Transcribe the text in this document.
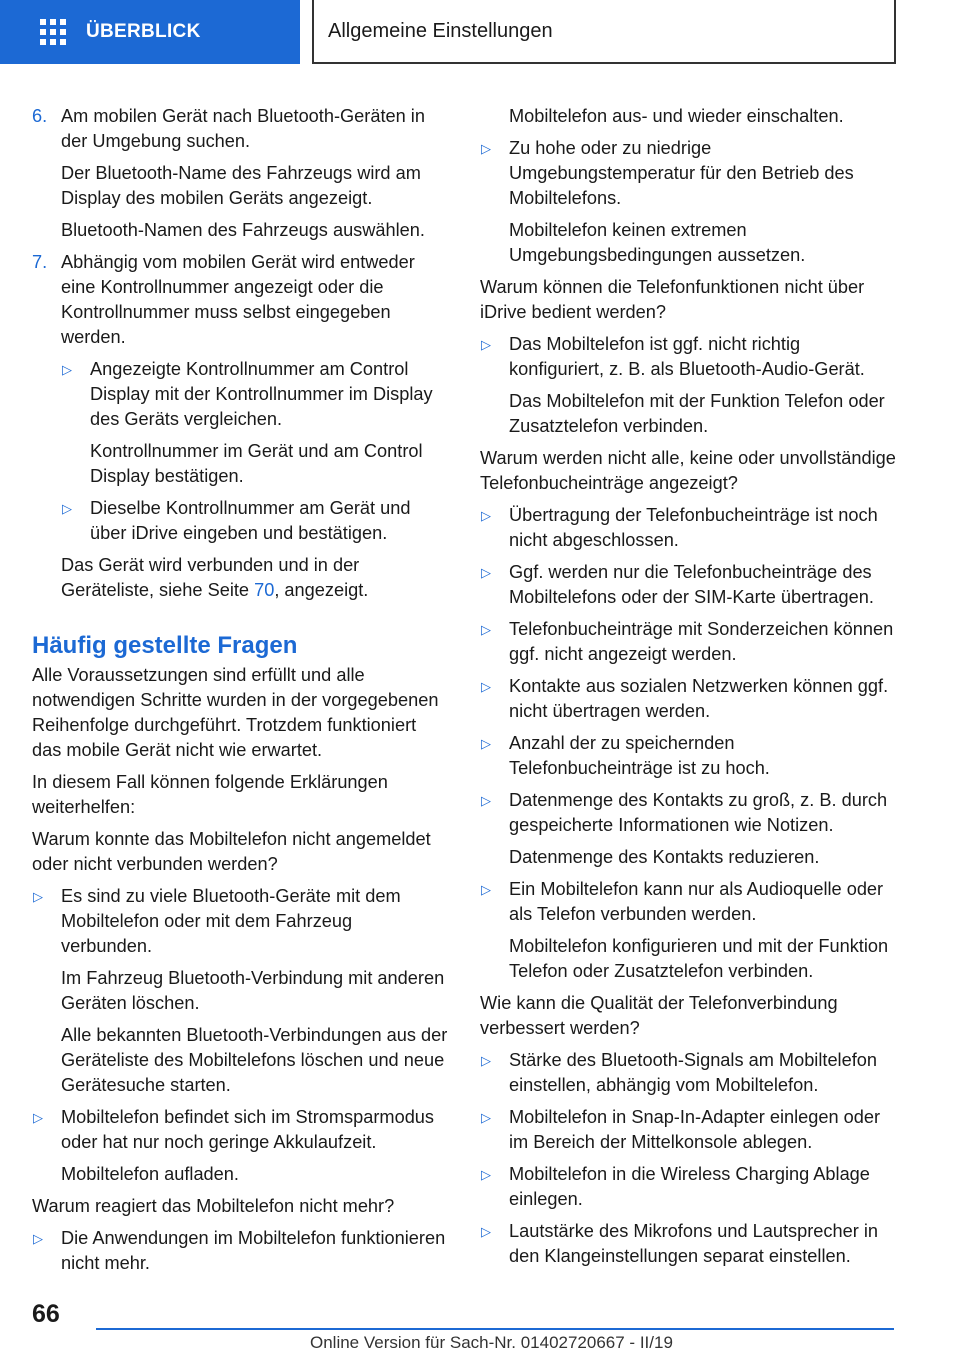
ÜBERBLICK	Allgemeine Einstellungen
6. Am mobilen Gerät nach Bluetooth-Geräten in der Umgebung suchen.
Der Bluetooth-Name des Fahrzeugs wird am Display des mobilen Geräts angezeigt.
Bluetooth-Namen des Fahrzeugs auswählen.
7. Abhängig vom mobilen Gerät wird entweder eine Kontrollnummer angezeigt oder die Kontrollnummer muss selbst eingegeben werden.
▷ Angezeigte Kontrollnummer am Control Display mit der Kontrollnummer im Display des Geräts vergleichen.
Kontrollnummer im Gerät und am Control Display bestätigen.
▷ Dieselbe Kontrollnummer am Gerät und über iDrive eingeben und bestätigen.
Das Gerät wird verbunden und in der Geräteliste, siehe Seite 70, angezeigt.
Häufig gestellte Fragen
Alle Voraussetzungen sind erfüllt und alle notwendigen Schritte wurden in der vorgegebenen Reihenfolge durchgeführt. Trotzdem funktioniert das mobile Gerät nicht wie erwartet.
In diesem Fall können folgende Erklärungen weiterhelfen:
Warum konnte das Mobiltelefon nicht angemeldet oder nicht verbunden werden?
▷ Es sind zu viele Bluetooth-Geräte mit dem Mobiltelefon oder mit dem Fahrzeug verbunden.
Im Fahrzeug Bluetooth-Verbindung mit anderen Geräten löschen.
Alle bekannten Bluetooth-Verbindungen aus der Geräteliste des Mobiltelefons löschen und neue Gerätesuche starten.
▷ Mobiltelefon befindet sich im Stromsparmodus oder hat nur noch geringe Akkulaufzeit.
Mobiltelefon aufladen.
Warum reagiert das Mobiltelefon nicht mehr?
▷ Die Anwendungen im Mobiltelefon funktionieren nicht mehr.
Mobiltelefon aus- und wieder einschalten.
▷ Zu hohe oder zu niedrige Umgebungstemperatur für den Betrieb des Mobiltelefons.
Mobiltelefon keinen extremen Umgebungsbedingungen aussetzen.
Warum können die Telefonfunktionen nicht über iDrive bedient werden?
▷ Das Mobiltelefon ist ggf. nicht richtig konfiguriert, z. B. als Bluetooth-Audio-Gerät.
Das Mobiltelefon mit der Funktion Telefon oder Zusatztelefon verbinden.
Warum werden nicht alle, keine oder unvollständige Telefonbucheinträge angezeigt?
▷ Übertragung der Telefonbucheinträge ist noch nicht abgeschlossen.
▷ Ggf. werden nur die Telefonbucheinträge des Mobiltelefons oder der SIM-Karte übertragen.
▷ Telefonbucheinträge mit Sonderzeichen können ggf. nicht angezeigt werden.
▷ Kontakte aus sozialen Netzwerken können ggf. nicht übertragen werden.
▷ Anzahl der zu speichernden Telefonbucheinträge ist zu hoch.
▷ Datenmenge des Kontakts zu groß, z. B. durch gespeicherte Informationen wie Notizen.
Datenmenge des Kontakts reduzieren.
▷ Ein Mobiltelefon kann nur als Audioquelle oder als Telefon verbunden werden.
Mobiltelefon konfigurieren und mit der Funktion Telefon oder Zusatztelefon verbinden.
Wie kann die Qualität der Telefonverbindung verbessert werden?
▷ Stärke des Bluetooth-Signals am Mobiltelefon einstellen, abhängig vom Mobiltelefon.
▷ Mobiltelefon in Snap-In-Adapter einlegen oder im Bereich der Mittelkonsole ablegen.
▷ Mobiltelefon in die Wireless Charging Ablage einlegen.
▷ Lautstärke des Mikrofons und Lautsprecher in den Klangeinstellungen separat einstellen.
66
Online Version für Sach-Nr. 01402720667 - II/19
